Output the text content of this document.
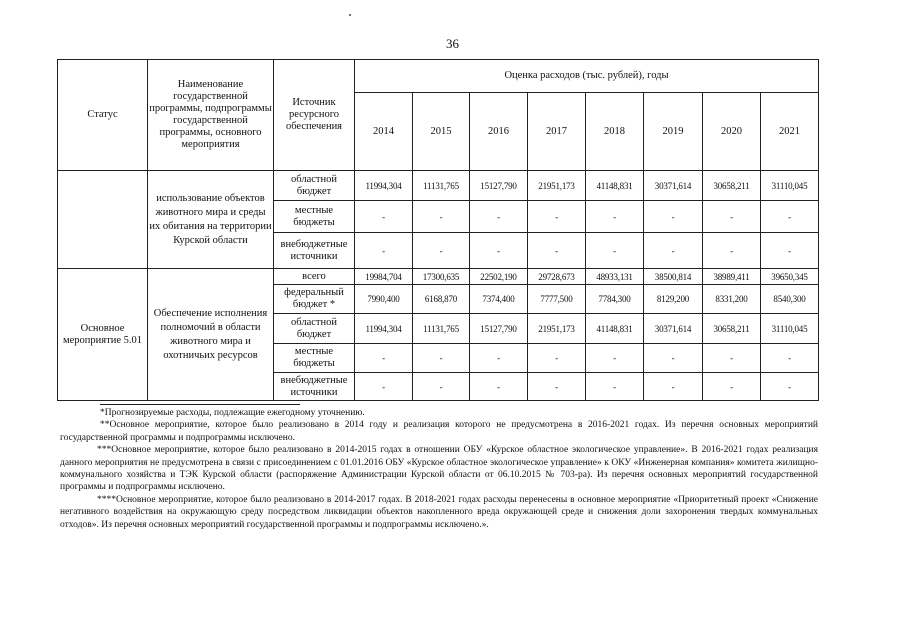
36
Статус	Наименование государственной программы, подпрограммы государственной программы, основного мероприятия	Источник ресурсного обеспечения	Оценка расходов (тыс. рублей), годы							
			2014	2015	2016	2017	2018	2019	2020	2021
	использование объектов животного мира и среды их обитания на территории Курской области	областной бюджет	11994,304	11131,765	15127,790	21951,173	41148,831	30371,614	30658,211	31110,045
		местные бюджеты	-	-	-	-	-	-	-	-
		внебюджетные источники	-	-	-	-	-	-	-	-
Основное мероприятие 5.01	Обеспечение исполнения полномочий в области животного мира и охотничьих ресурсов	всего	19984,704	17300,635	22502,190	29728,673	48933,131	38500,814	38989,411	39650,345
		федеральный бюджет *	7990,400	6168,870	7374,400	7777,500	7784,300	8129,200	8331,200	8540,300
		областной бюджет	11994,304	11131,765	15127,790	21951,173	41148,831	30371,614	30658,211	31110,045
		местные бюджеты	-	-	-	-	-	-	-	-
		внебюджетные источники	-	-	-	-	-	-	-	-

*Прогнозируемые расходы, подлежащие ежегодному уточнению.

**Основное мероприятие, которое было реализовано в 2014 году и реализация которого не предусмотрена в 2016-2021 годах. Из перечня основных мероприятий государственной программы и подпрограммы исключено.

***Основное мероприятие, которое было реализовано в 2014-2015 годах в отношении ОБУ «Курское областное экологическое управление». В 2016-2021 годах реализация данного мероприятия не предусмотрена в связи с присоединением с 01.01.2016 ОБУ «Курское областное экологическое управление» к ОКУ «Инженерная компания» комитета жилищно-коммунального хозяйства и ТЭК Курской области (распоряжение Администрации Курской области от 06.10.2015 № 703-ра). Из перечня основных мероприятий государственной программы и подпрограммы исключено.

****Основное мероприятие, которое было реализовано в 2014-2017 годах. В 2018-2021 годах расходы перенесены в основное мероприятие «Приоритетный проект «Снижение негативного воздействия на окружающую среду посредством ликвидации объектов накопленного вреда окружающей среде и снижения доли захоронения твердых коммунальных отходов». Из перечня основных мероприятий государственной программы и подпрограммы исключено.».
